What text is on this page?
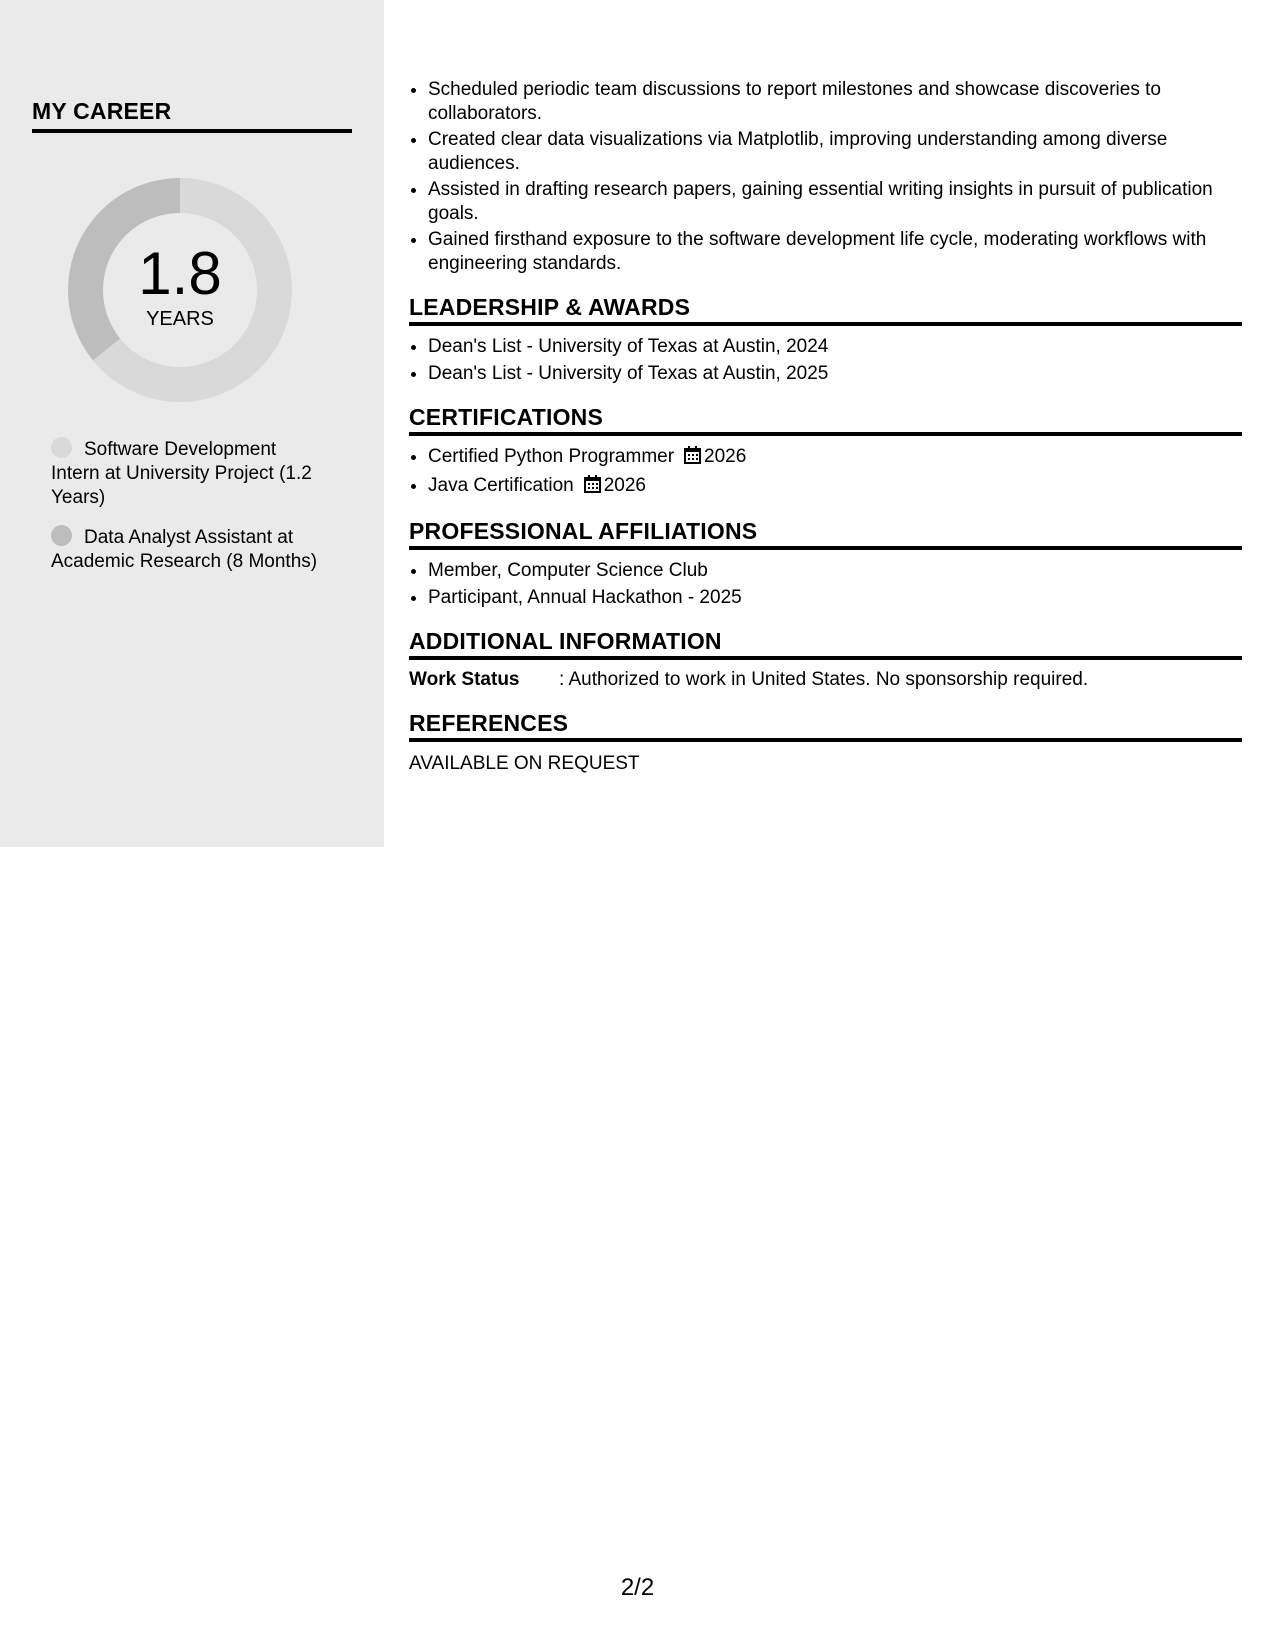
MY CAREER
1.8
YEARS
Software Development Intern at University Project (1.2 Years)
Data Analyst Assistant at Academic Research (8 Months)
• Scheduled periodic team discussions to report milestones and showcase discoveries to collaborators.
• Created clear data visualizations via Matplotlib, improving understanding among diverse audiences.
• Assisted in drafting research papers, gaining essential writing insights in pursuit of publication goals.
• Gained firsthand exposure to the software development life cycle, moderating workflows with engineering standards.
LEADERSHIP & AWARDS
• Dean's List - University of Texas at Austin, 2024
• Dean's List - University of Texas at Austin, 2025
CERTIFICATIONS
• Certified Python Programmer 2026
• Java Certification 2026
PROFESSIONAL AFFILIATIONS
• Member, Computer Science Club
• Participant, Annual Hackathon - 2025
ADDITIONAL INFORMATION
Work Status	: Authorized to work in United States. No sponsorship required.
REFERENCES
AVAILABLE ON REQUEST
2/2
